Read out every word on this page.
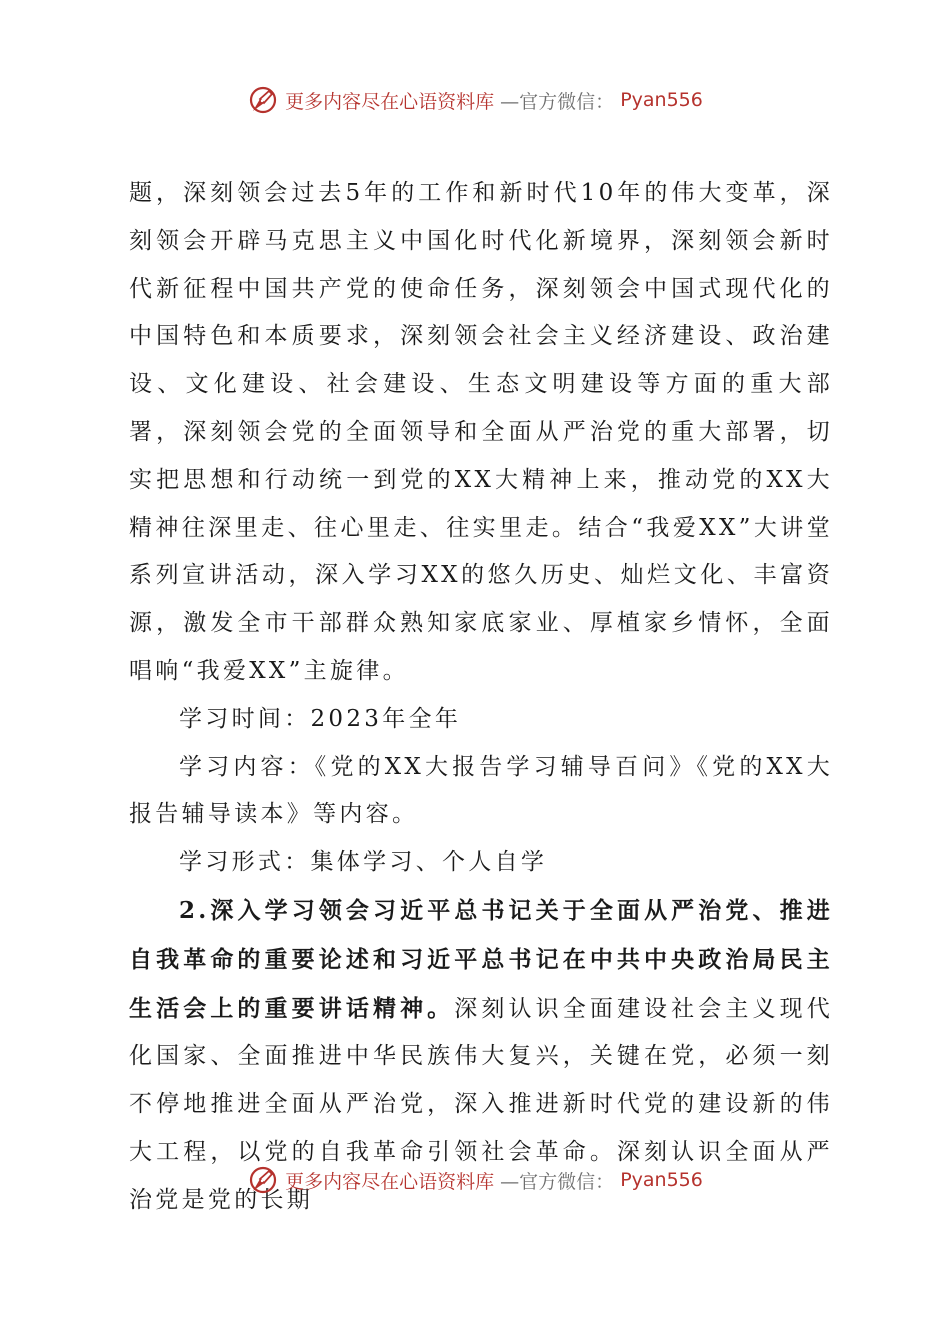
更多内容尽在心语资料库 —官方微信： Pyan556

题，深刻领会过去5年的工作和新时代10年的伟大变革，深刻领会开辟马克思主义中国化时代化新境界，深刻领会新时代新征程中国共产党的使命任务，深刻领会中国式现代化的中国特色和本质要求，深刻领会社会主义经济建设、政治建设、文化建设、社会建设、生态文明建设等方面的重大部署，深刻领会党的全面领导和全面从严治党的重大部署，切实把思想和行动统一到党的XX大精神上来，推动党的XX大精神往深里走、往心里走、往实里走。结合“我爱XX”大讲堂系列宣讲活动，深入学习XX的悠久历史、灿烂文化、丰富资源，激发全市干部群众熟知家底家业、厚植家乡情怀，全面唱响“我爱XX”主旋律。

学习时间：2023年全年

学习内容：《党的XX大报告学习辅导百问》《党的XX大报告辅导读本》等内容。

学习形式：集体学习、个人自学

2.深入学习领会习近平总书记关于全面从严治党、推进自我革命的重要论述和习近平总书记在中共中央政治局民主生活会上的重要讲话精神。深刻认识全面建设社会主义现代化国家、全面推进中华民族伟大复兴，关键在党，必须一刻不停地推进全面从严治党，深入推进新时代党的建设新的伟大工程，以党的自我革命引领社会革命。深刻认识全面从严治党是党的长期

更多内容尽在心语资料库 —官方微信： Pyan556
